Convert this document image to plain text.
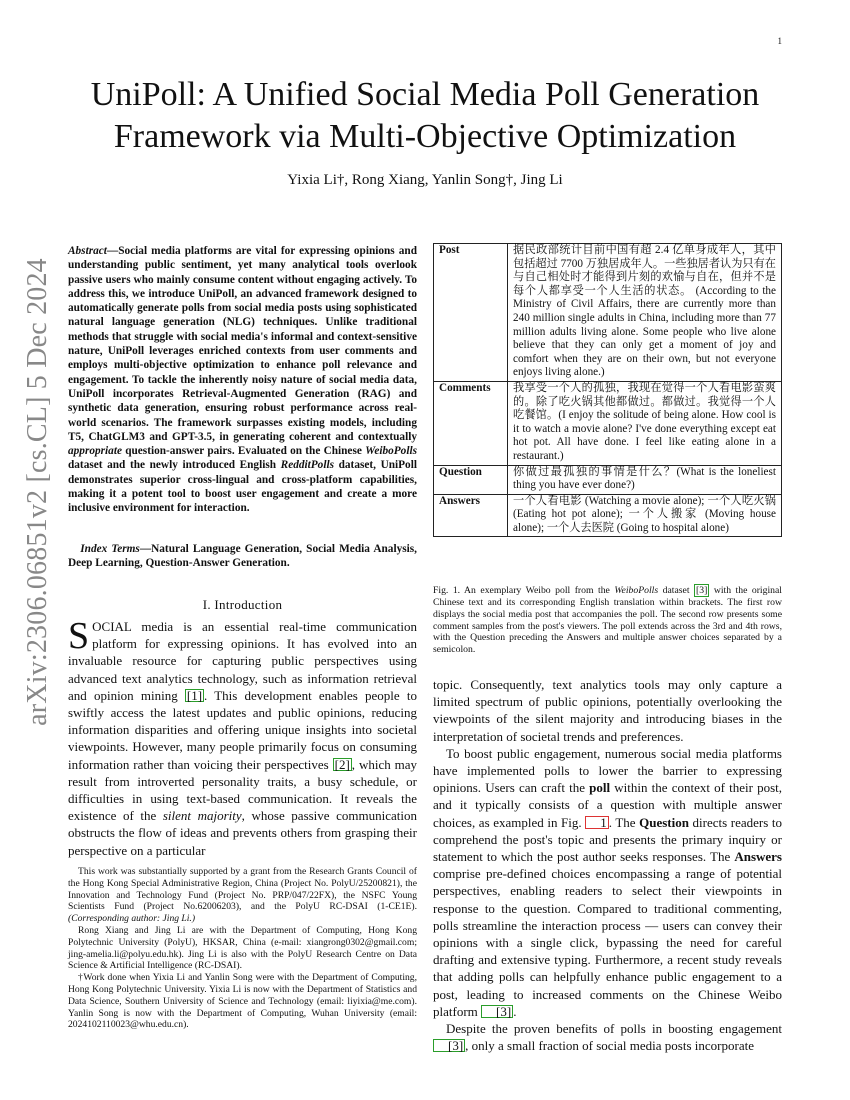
1
arXiv:2306.06851v2 [cs.CL] 5 Dec 2024
UniPoll: A Unified Social Media Poll Generation Framework via Multi-Objective Optimization
Yixia Li†, Rong Xiang, Yanlin Song†, Jing Li
Abstract—Social media platforms are vital for expressing opinions and understanding public sentiment, yet many analytical tools overlook passive users who mainly consume content without engaging actively. To address this, we introduce UniPoll, an advanced framework designed to automatically generate polls from social media posts using sophisticated natural language generation (NLG) techniques. Unlike traditional methods that struggle with social media's informal and context-sensitive nature, UniPoll leverages enriched contexts from user comments and employs multi-objective optimization to enhance poll relevance and engagement. To tackle the inherently noisy nature of social media data, UniPoll incorporates Retrieval-Augmented Generation (RAG) and synthetic data generation, ensuring robust performance across real-world scenarios. The framework surpasses existing models, including T5, ChatGLM3 and GPT-3.5, in generating coherent and contextually appropriate question-answer pairs. Evaluated on the Chinese WeiboPolls dataset and the newly introduced English RedditPolls dataset, UniPoll demonstrates superior cross-lingual and cross-platform capabilities, making it a potent tool to boost user engagement and create a more inclusive environment for interaction.
Index Terms—Natural Language Generation, Social Media Analysis, Deep Learning, Question-Answer Generation.
I. Introduction
SOCIAL media is an essential real-time communication platform for expressing opinions. It has evolved into an invaluable resource for capturing public perspectives using advanced text analytics technology, such as information retrieval and opinion mining [1] . This development enables people to swiftly access the latest updates and public opinions, reducing information disparities and offering unique insights into societal viewpoints. However, many people primarily focus on consuming information rather than voicing their perspectives [2] , which may result from introverted personality traits, a busy schedule, or difficulties in using text-based communication. It reveals the existence of the silent majority, whose passive communication obstructs the flow of ideas and prevents others from grasping their perspective on a particular

This work was substantially supported by a grant from the Research Grants Council of the Hong Kong Special Administrative Region, China (Project No. PolyU/25200821), the Innovation and Technology Fund (Project No. PRP/047/22FX), the NSFC Young Scientists Fund (Project No.62006203), and the PolyU RC-DSAI (1-CE1E). (Corresponding author: Jing Li.)

Rong Xiang and Jing Li are with the Department of Computing, Hong Kong Polytechnic University (PolyU), HKSAR, China (e-mail: xiangrong0302@gmail.com; jing-amelia.li@polyu.edu.hk). Jing Li is also with the PolyU Research Centre on Data Science & Artificial Intelligence (RC-DSAI).

†Work done when Yixia Li and Yanlin Song were with the Department of Computing, Hong Kong Polytechnic University. Yixia Li is now with the Department of Statistics and Data Science, Southern University of Science and Technology (email: liyixia@me.com). Yanlin Song is now with the Department of Computing, Wuhan University (email: 2024102110023@whu.edu.cn).

Post	据民政部统计目前中国有超 2.4 亿单身成年人，其中包括超过 7700 万独居成年人。一些独居者认为只有在与自己相处时才能得到片刻的欢愉与自在，但并不是每个人都享受一个人生活的状态。 (According to the Ministry of Civil Affairs, there are currently more than 240 million single adults in China, including more than 77 million adults living alone. Some people who live alone believe that they can only get a moment of joy and comfort when they are on their own, but not everyone enjoys living alone.)
Comments	我享受一个人的孤独，我现在觉得一个人看电影蛮爽的。除了吃火锅其他都做过。都做过。我觉得一个人吃餐馆。(I enjoy the solitude of being alone. How cool is it to watch a movie alone? I've done everything except eat hot pot. All have done. I feel like eating alone in a restaurant.)
Question	你做过最孤独的事情是什么？(What is the loneliest thing you have ever done?)
Answers	一个人看电影 (Watching a movie alone); 一个人吃火锅 (Eating hot pot alone); 一个人搬家 (Moving house alone); 一个人去医院 (Going to hospital alone)
Fig. 1. An exemplary Weibo poll from the WeiboPolls dataset [3] with the original Chinese text and its corresponding English translation within brackets. The first row displays the social media post that accompanies the poll. The second row presents some comment samples from the post's viewers. The poll extends across the 3rd and 4th rows, with the Question preceding the Answers and multiple answer choices separated by a semicolon.

topic. Consequently, text analytics tools may only capture a limited spectrum of public opinions, potentially overlooking the viewpoints of the silent majority and introducing biases in the interpretation of societal trends and preferences.

To boost public engagement, numerous social media platforms have implemented polls to lower the barrier to expressing opinions. Users can craft the poll within the context of their post, and it typically consists of a question with multiple answer choices, as exampled in Fig. 1 . The Question directs readers to comprehend the post's topic and presents the primary inquiry or statement to which the post author seeks responses. The Answers comprise pre-defined choices encompassing a range of potential perspectives, enabling readers to select their viewpoints in response to the question. Compared to traditional commenting, polls streamline the interaction process — users can convey their opinions with a single click, bypassing the need for careful drafting and extensive typing. Furthermore, a recent study reveals that adding polls can helpfully enhance public engagement to a post, leading to increased comments on the Chinese Weibo platform [3] .

Despite the proven benefits of polls in boosting engagement [3] , only a small fraction of social media posts incorporate
